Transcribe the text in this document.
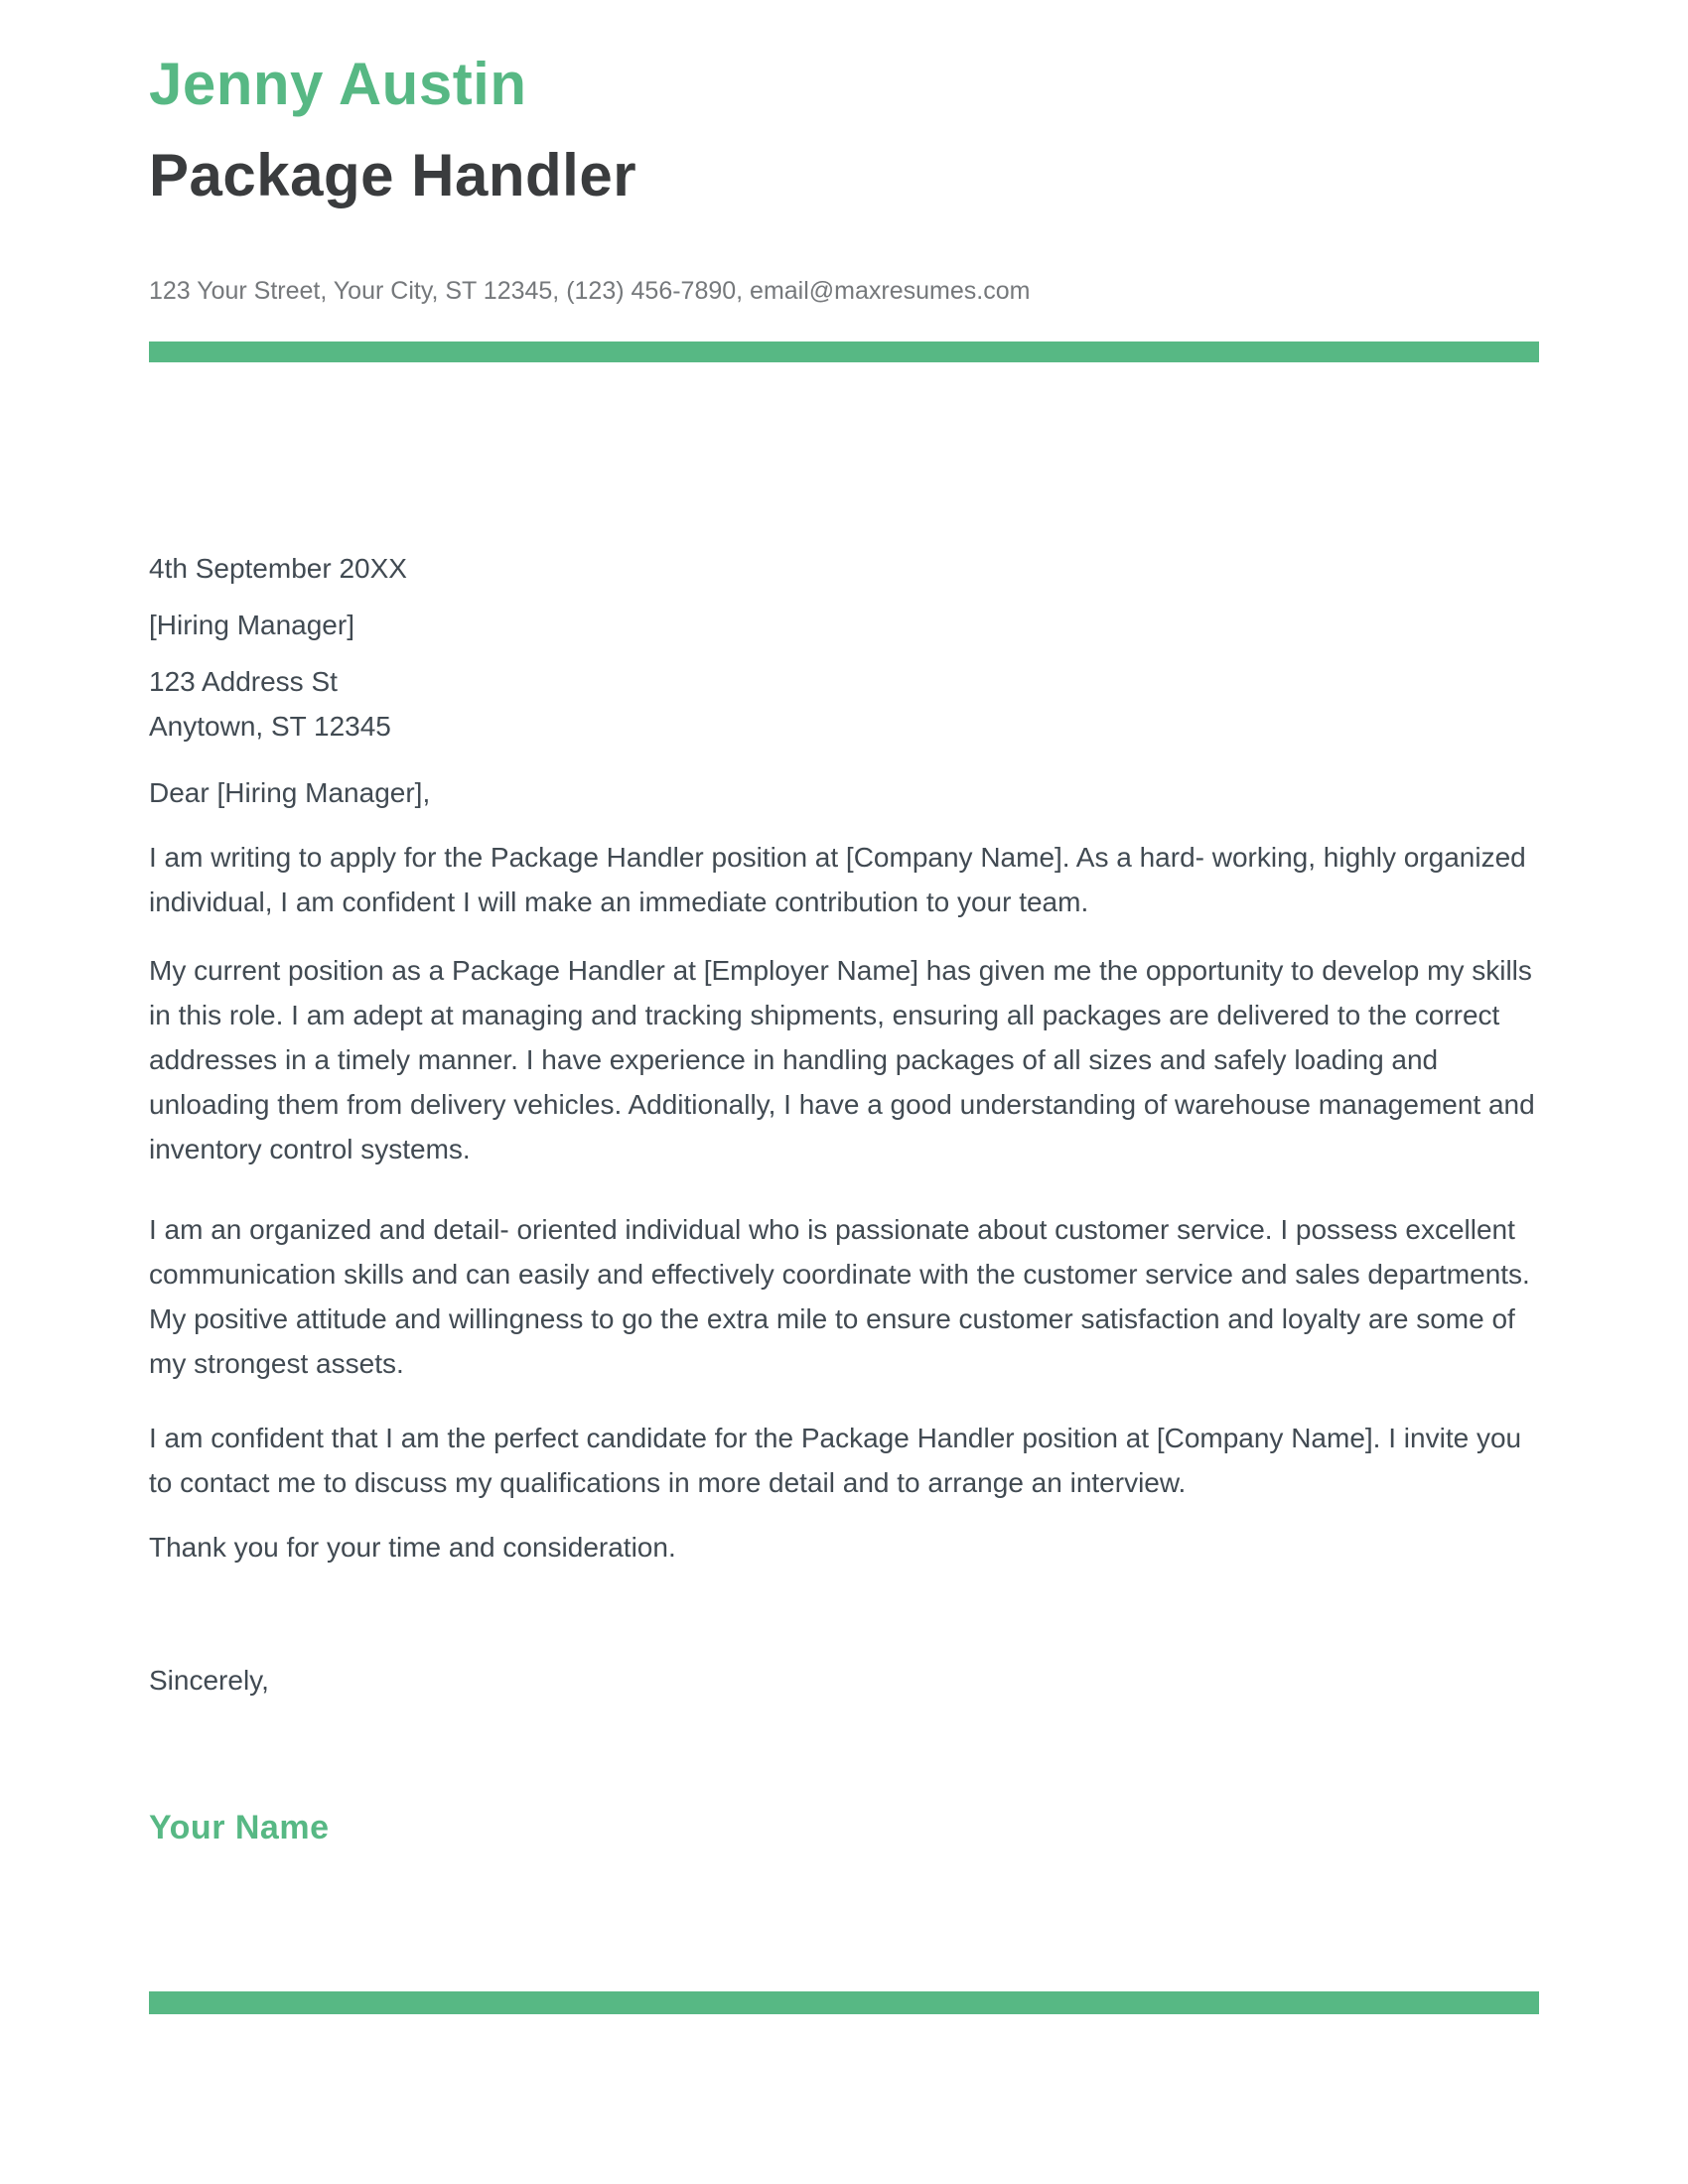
Jenny Austin
Package Handler

123 Your Street, Your City, ST 12345, (123) 456-7890, email@maxresumes.com

4th September 20XX

[Hiring Manager]

123 Address St
Anytown, ST 12345

Dear [Hiring Manager],

I am writing to apply for the Package Handler position at [Company Name]. As a hard- working, highly organized individual, I am confident I will make an immediate contribution to your team.

My current position as a Package Handler at [Employer Name] has given me the opportunity to develop my skills in this role. I am adept at managing and tracking shipments, ensuring all packages are delivered to the correct addresses in a timely manner. I have experience in handling packages of all sizes and safely loading and unloading them from delivery vehicles. Additionally, I have a good understanding of warehouse management and inventory control systems.

I am an organized and detail- oriented individual who is passionate about customer service. I possess excellent communication skills and can easily and effectively coordinate with the customer service and sales departments. My positive attitude and willingness to go the extra mile to ensure customer satisfaction and loyalty are some of my strongest assets.

I am confident that I am the perfect candidate for the Package Handler position at [Company Name]. I invite you to contact me to discuss my qualifications in more detail and to arrange an interview.

Thank you for your time and consideration.

Sincerely,

Your Name
